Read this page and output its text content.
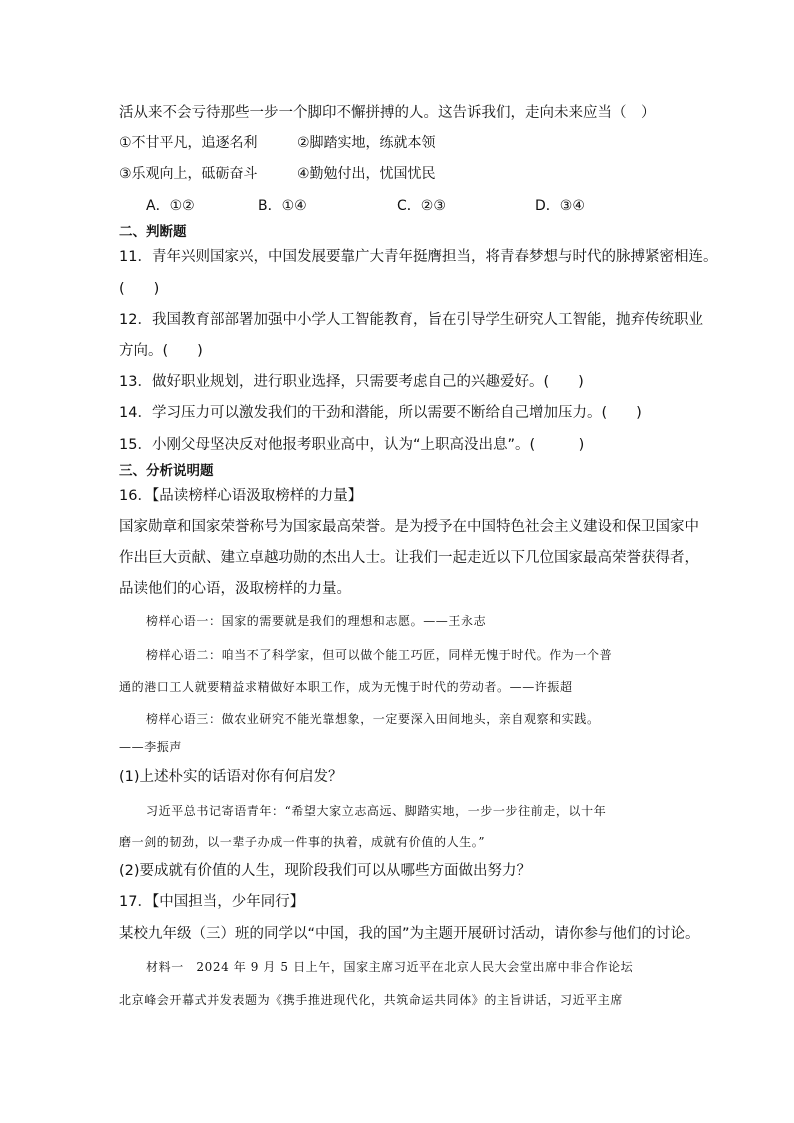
活从来不会亏待那些一步一个脚印不懈拼搏的人。这告诉我们，走向未来应当（　）
①不甘平凡，追逐名利	②脚踏实地，练就本领
③乐观向上，砥砺奋斗	④勤勉付出，忧国忧民
A．①②	B．①④	C．②③	D．③④
二、判断题
11．青年兴则国家兴，中国发展要靠广大青年挺膺担当，将青春梦想与时代的脉搏紧密相连。
(　　)
12．我国教育部部署加强中小学人工智能教育，旨在引导学生研究人工智能，抛弃传统职业
方向。(　　)
13．做好职业规划，进行职业选择，只需要考虑自己的兴趣爱好。(　　)
14．学习压力可以激发我们的干劲和潜能，所以需要不断给自己增加压力。(　　)
15．小刚父母坚决反对他报考职业高中，认为“上职高没出息”。(　　　)
三、分析说明题
16．【品读榜样心语汲取榜样的力量】
国家勋章和国家荣誉称号为国家最高荣誉。是为授予在中国特色社会主义建设和保卫国家中
作出巨大贡献、建立卓越功勋的杰出人士。让我们一起走近以下几位国家最高荣誉获得者，
品读他们的心语，汲取榜样的力量。
榜样心语一：国家的需要就是我们的理想和志愿。——王永志
榜样心语二：咱当不了科学家，但可以做个能工巧匠，同样无愧于时代。作为一个普
通的港口工人就要精益求精做好本职工作，成为无愧于时代的劳动者。——许振超
榜样心语三：做农业研究不能光靠想象，一定要深入田间地头，亲自观察和实践。
——李振声
(1)上述朴实的话语对你有何启发？
习近平总书记寄语青年：“希望大家立志高远、脚踏实地，一步一步往前走，以十年
磨一剑的韧劲，以一辈子办成一件事的执着，成就有价值的人生。”
(2)要成就有价值的人生，现阶段我们可以从哪些方面做出努力？
17．【中国担当，少年同行】
某校九年级（三）班的同学以“中国，我的国”为主题开展研讨活动，请你参与他们的讨论。
材料一　2024 年 9 月 5 日上午，国家主席习近平在北京人民大会堂出席中非合作论坛
北京峰会开幕式并发表题为《携手推进现代化，共筑命运共同体》的主旨讲话，习近平主席
